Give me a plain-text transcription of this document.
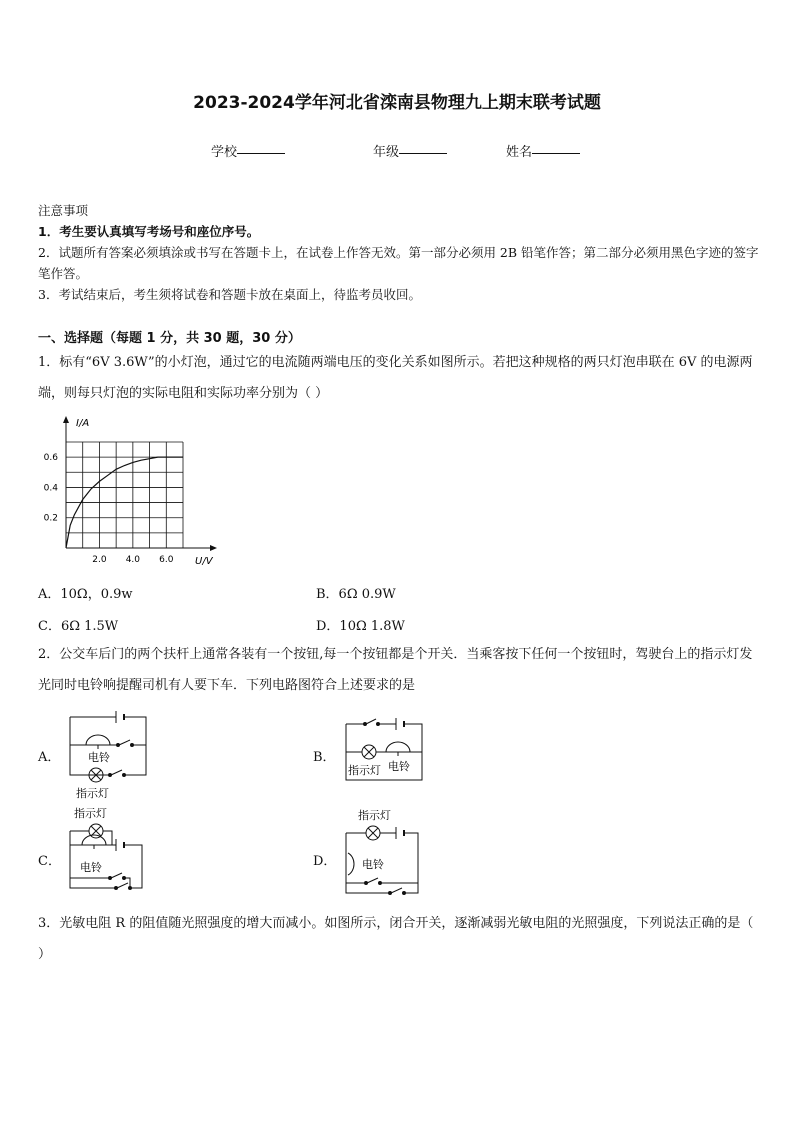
2023-2024学年河北省滦南县物理九上期末联考试题
学校	年级	姓名
注意事项
1．考生要认真填写考场号和座位序号。
2．试题所有答案必须填涂或书写在答题卡上，在试卷上作答无效。第一部分必须用 2B 铅笔作答；第二部分必须用黑色字迹的签字笔作答。
3．考试结束后，考生须将试卷和答题卡放在桌面上，待监考员收回。
一、选择题（每题 1 分，共 30 题，30 分）
1．标有“6V 3.6W”的小灯泡，通过它的电流随两端电压的变化关系如图所示。若把这种规格的两只灯泡串联在 6V 的电源两端，则每只灯泡的实际电阻和实际功率分别为（ ）
2.0 4.0 6.0
0.2
0.4
0.6
I/A
U/V
A．10Ω，0.9w	B．6Ω 0.9W
C．6Ω 1.5W	D．10Ω 1.8W
2．公交车后门的两个扶杆上通常各装有一个按钮,每一个按钮都是个开关．当乘客按下任何一个按钮时，驾驶台上的指示灯发光同时电铃响提醒司机有人要下车．下列电路图符合上述要求的是
A．	B．
C．	D．
电铃
指示灯
指示灯 电铃
指示灯
电铃
指示灯
电铃
3．光敏电阻 R 的阻值随光照强度的增大而减小。如图所示，闭合开关，逐渐减弱光敏电阻的光照强度，下列说法正确的是（ ）
